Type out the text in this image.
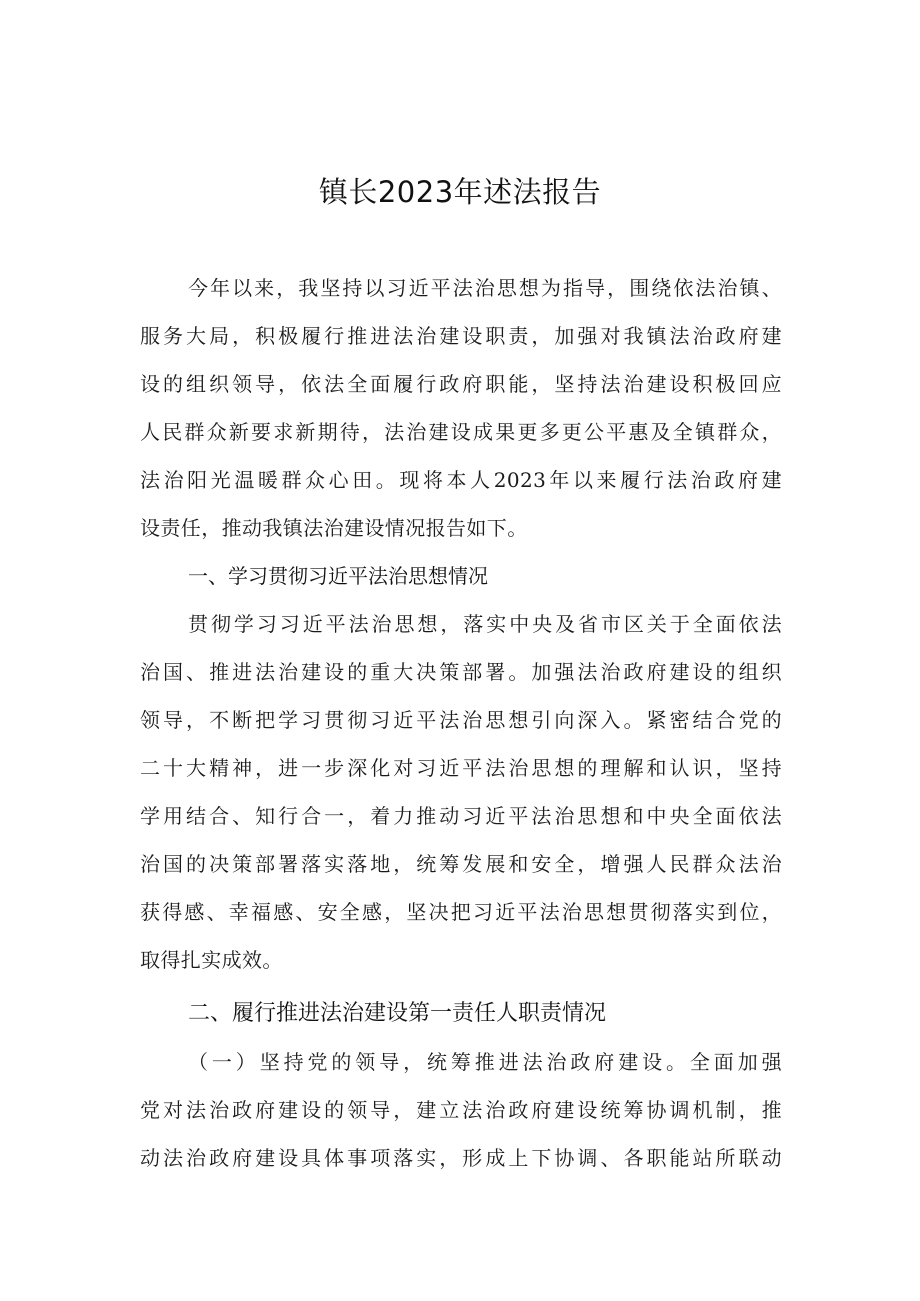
镇长2023年述法报告
今年以来，我坚持以习近平法治思想为指导，围绕依法治镇、
服务大局，积极履行推进法治建设职责，加强对我镇法治政府建
设的组织领导，依法全面履行政府职能，坚持法治建设积极回应
人民群众新要求新期待，法治建设成果更多更公平惠及全镇群众，
法治阳光温暖群众心田。现将本人2023年以来履行法治政府建
设责任，推动我镇法治建设情况报告如下。
一、学习贯彻习近平法治思想情况
贯彻学习习近平法治思想，落实中央及省市区关于全面依法
治国、推进法治建设的重大决策部署。加强法治政府建设的组织
领导，不断把学习贯彻习近平法治思想引向深入。紧密结合党的
二十大精神，进一步深化对习近平法治思想的理解和认识，坚持
学用结合、知行合一，着力推动习近平法治思想和中央全面依法
治国的决策部署落实落地，统筹发展和安全，增强人民群众法治
获得感、幸福感、安全感，坚决把习近平法治思想贯彻落实到位，
取得扎实成效。
二、履行推进法治建设第一责任人职责情况
（一）坚持党的领导，统筹推进法治政府建设。全面加强
党对法治政府建设的领导，建立法治政府建设统筹协调机制，推
动法治政府建设具体事项落实，形成上下协调、各职能站所联动
